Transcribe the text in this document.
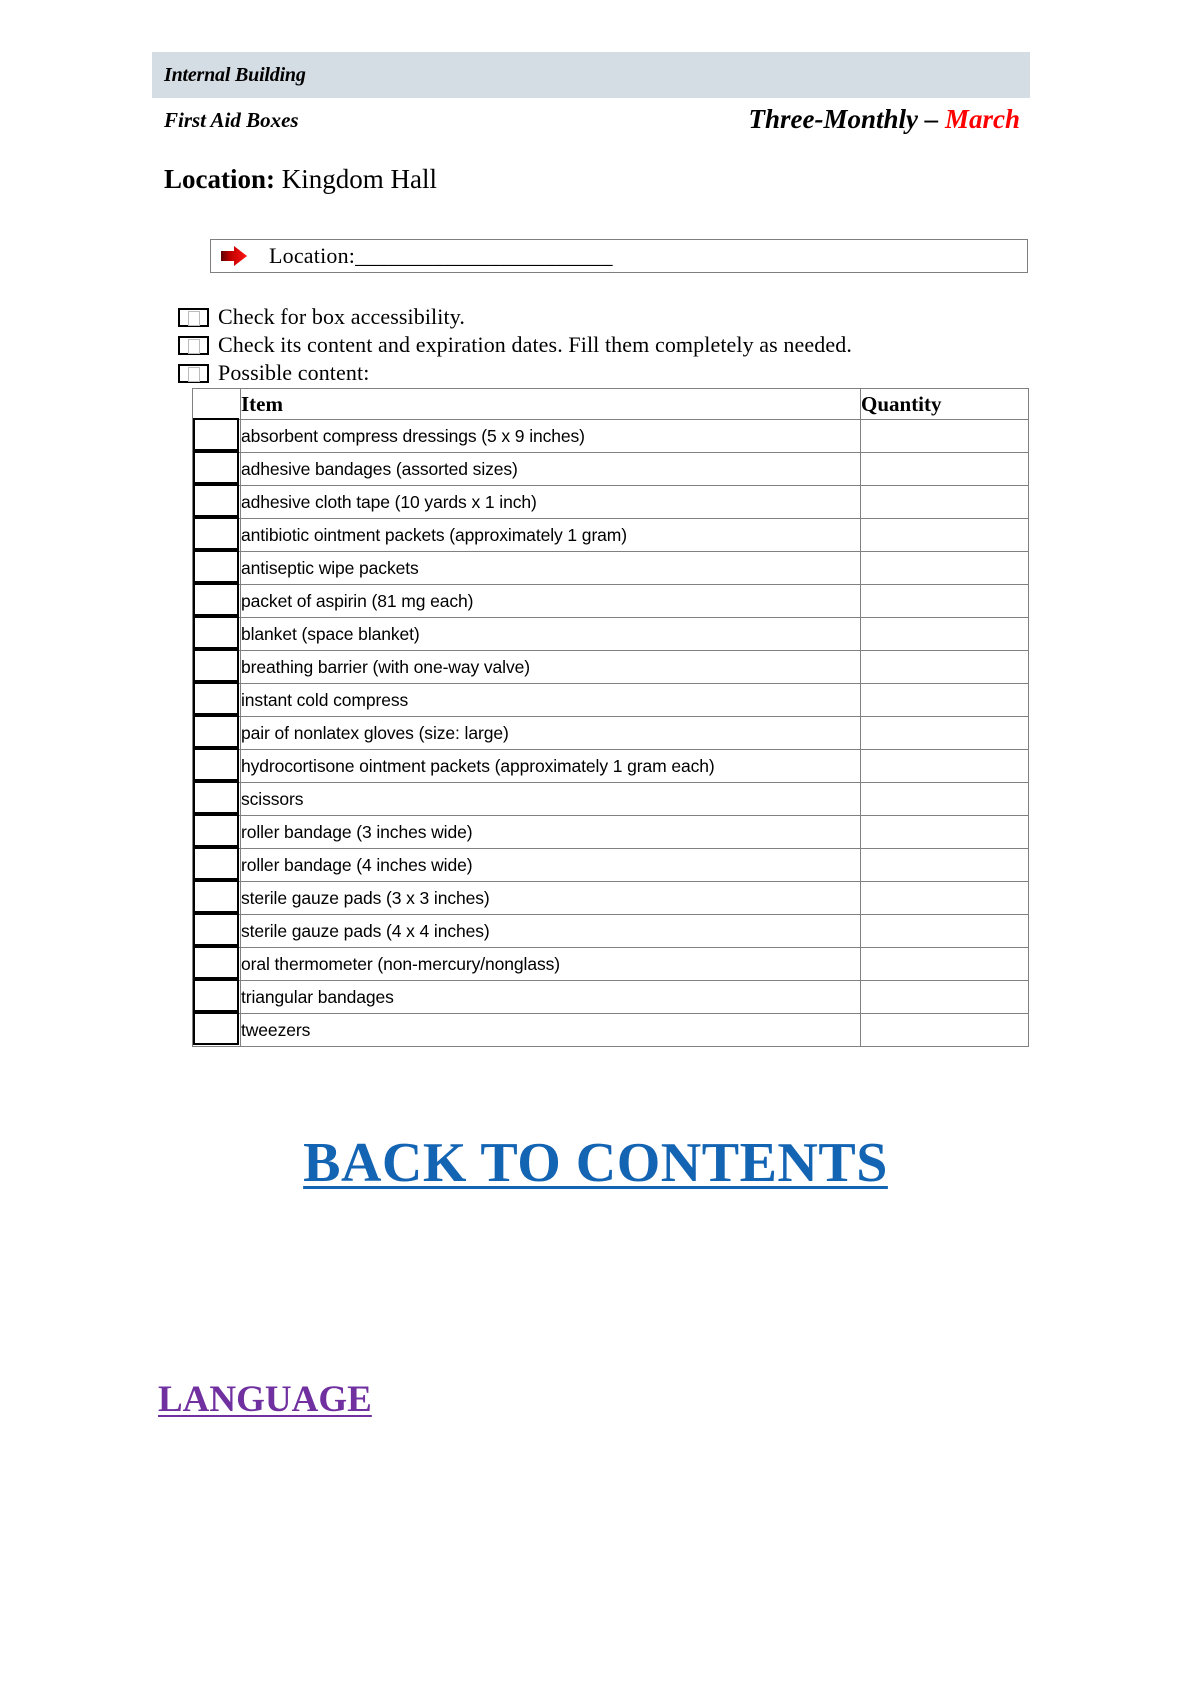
Internal Building
First Aid Boxes	Three-Monthly – March
Location: Kingdom Hall
Location:_______________________
Check for box accessibility.
Check its content and expiration dates. Fill them completely as needed.
Possible content:
	Item	Quantity

	absorbent compress dressings (5 x 9 inches)	

	adhesive bandages (assorted sizes)	

	adhesive cloth tape (10 yards x 1 inch)	

	antibiotic ointment packets (approximately 1 gram)	

	antiseptic wipe packets	

	packet of aspirin (81 mg each)	

	blanket (space blanket)	

	breathing barrier (with one-way valve)	

	instant cold compress	

	pair of nonlatex gloves (size: large)	

	hydrocortisone ointment packets (approximately 1 gram each)	

	scissors	

	roller bandage (3 inches wide)	

	roller bandage (4 inches wide)	

	sterile gauze pads (3 x 3 inches)	

	sterile gauze pads (4 x 4 inches)	

	oral thermometer (non-mercury/nonglass)	

	triangular bandages	

	tweezers	
BACK TO CONTENTS
LANGUAGE
